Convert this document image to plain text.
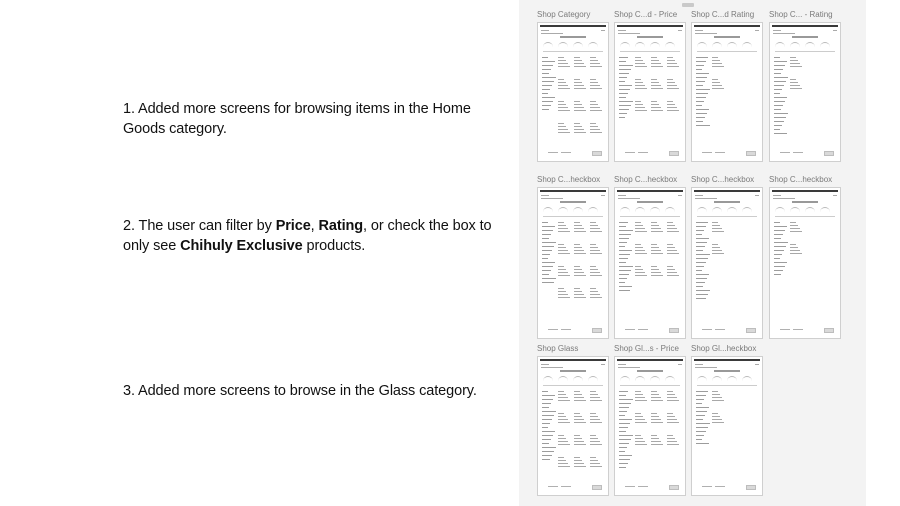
1. Added more screens for browsing items in the Home Goods category.

2. The user can filter by Price, Rating, or check the box to only see Chihuly Exclusive products.

3. Added more screens to browse in the Glass category.

Shop Category	Shop C...d - Price	Shop C...d Rating	Shop C... - Rating
Shop C...heckbox	Shop C...heckbox	Shop C...heckbox	Shop C...heckbox
Shop Glass	Shop Gl...s - Price	Shop Gl...heckbox
